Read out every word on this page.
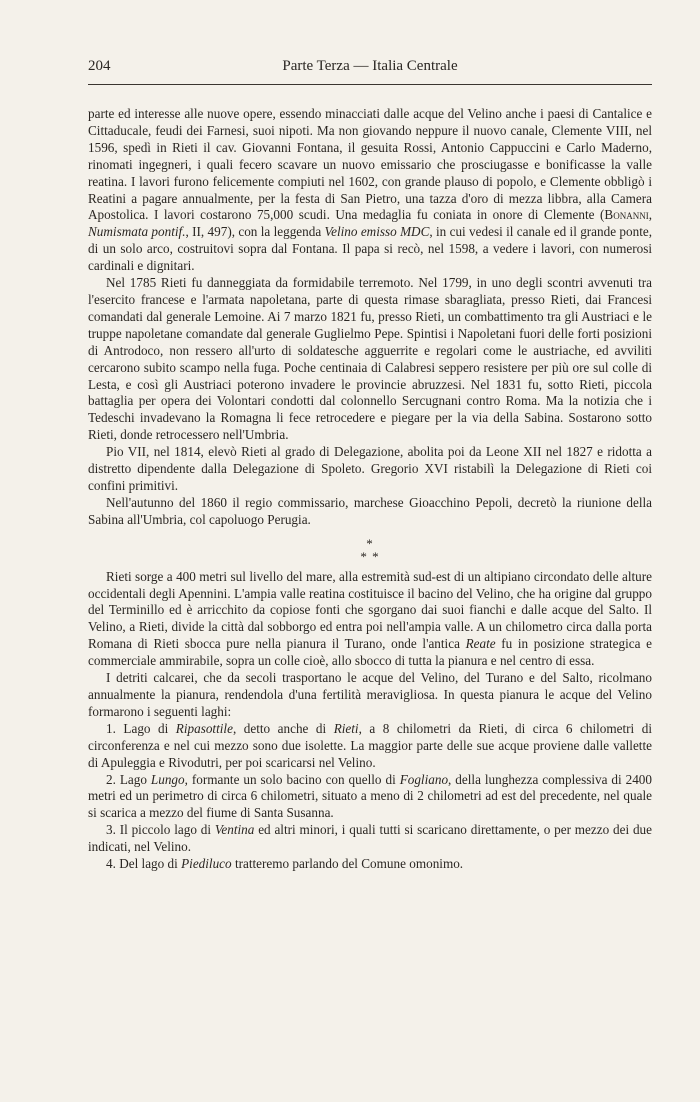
204	Parte Terza — Italia Centrale

parte ed interesse alle nuove opere, essendo minacciati dalle acque del Velino anche i paesi di Cantalice e Cittaducale, feudi dei Farnesi, suoi nipoti. Ma non giovando neppure il nuovo canale, Clemente VIII, nel 1596, spedì in Rieti il cav. Giovanni Fontana, il gesuita Rossi, Antonio Cappuccini e Carlo Maderno, rinomati ingegneri, i quali fecero scavare un nuovo emissario che prosciugasse e bonificasse la valle reatina. I lavori furono felicemente compiuti nel 1602, con grande plauso di popolo, e Clemente obbligò i Reatini a pagare annualmente, per la festa di San Pietro, una tazza d'oro di mezza libbra, alla Camera Apostolica. I lavori costarono 75,000 scudi. Una medaglia fu coniata in onore di Clemente (Bonanni, Numismata pontif., II, 497), con la leggenda Velino emisso MDC, in cui vedesi il canale ed il grande ponte, di un solo arco, costruitovi sopra dal Fontana. Il papa si recò, nel 1598, a vedere i lavori, con numerosi cardinali e dignitari.

Nel 1785 Rieti fu danneggiata da formidabile terremoto. Nel 1799, in uno degli scontri avvenuti tra l'esercito francese e l'armata napoletana, parte di questa rimase sbaragliata, presso Rieti, dai Francesi comandati dal generale Lemoine. Ai 7 marzo 1821 fu, presso Rieti, un combattimento tra gli Austriaci e le truppe napoletane comandate dal generale Guglielmo Pepe. Spintisi i Napoletani fuori delle forti posizioni di Antrodoco, non ressero all'urto di soldatesche agguerrite e regolari come le austriache, ed avviliti cercarono subito scampo nella fuga. Poche centinaia di Calabresi seppero resistere per più ore sul colle di Lesta, e così gli Austriaci poterono invadere le provincie abruzzesi. Nel 1831 fu, sotto Rieti, piccola battaglia per opera dei Volontari condotti dal colonnello Sercugnani contro Roma. Ma la notizia che i Tedeschi invadevano la Romagna li fece retrocedere e piegare per la via della Sabina. Sostarono sotto Rieti, donde retrocessero nell'Umbria.

Pio VII, nel 1814, elevò Rieti al grado di Delegazione, abolita poi da Leone XII nel 1827 e ridotta a distretto dipendente dalla Delegazione di Spoleto. Gregorio XVI ristabilì la Delegazione di Rieti coi confini primitivi.

Nell'autunno del 1860 il regio commissario, marchese Gioacchino Pepoli, decretò la riunione della Sabina all'Umbria, col capoluogo Perugia.

*
* *

Rieti sorge a 400 metri sul livello del mare, alla estremità sud-est di un altipiano circondato delle alture occidentali degli Apennini. L'ampia valle reatina costituisce il bacino del Velino, che ha origine dal gruppo del Terminillo ed è arricchito da copiose fonti che sgorgano dai suoi fianchi e dalle acque del Salto. Il Velino, a Rieti, divide la città dal sobborgo ed entra poi nell'ampia valle. A un chilometro circa dalla porta Romana di Rieti sbocca pure nella pianura il Turano, onde l'antica Reate fu in posizione strategica e commerciale ammirabile, sopra un colle cioè, allo sbocco di tutta la pianura e nel centro di essa.

I detriti calcarei, che da secoli trasportano le acque del Velino, del Turano e del Salto, ricolmano annualmente la pianura, rendendola d'una fertilità meravigliosa. In questa pianura le acque del Velino formarono i seguenti laghi:

1. Lago di Ripasottile, detto anche di Rieti, a 8 chilometri da Rieti, di circa 6 chilometri di circonferenza e nel cui mezzo sono due isolette. La maggior parte delle sue acque proviene dalle vallette di Apuleggia e Rivodutri, per poi scaricarsi nel Velino.

2. Lago Lungo, formante un solo bacino con quello di Fogliano, della lunghezza complessiva di 2400 metri ed un perimetro di circa 6 chilometri, situato a meno di 2 chilometri ad est del precedente, nel quale si scarica a mezzo del fiume di Santa Susanna.

3. Il piccolo lago di Ventina ed altri minori, i quali tutti si scaricano direttamente, o per mezzo dei due indicati, nel Velino.

4. Del lago di Piediluco tratteremo parlando del Comune omonimo.
